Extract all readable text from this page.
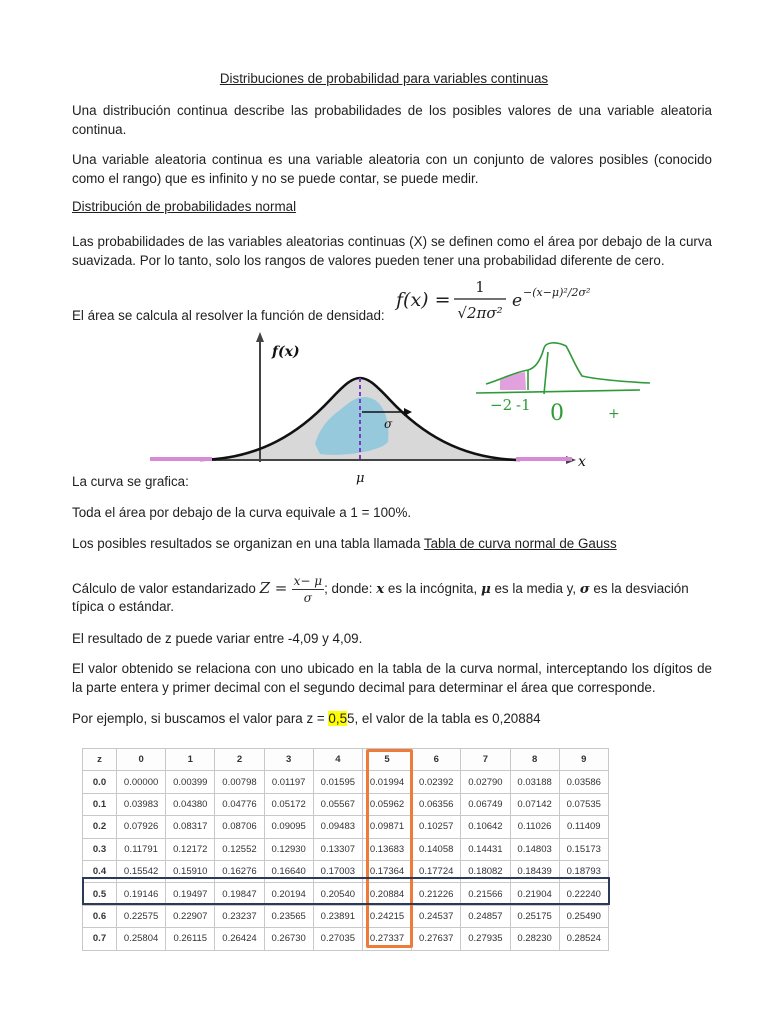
Distribuciones de probabilidad para variables continuas
Una distribución continua describe las probabilidades de los posibles valores de una variable aleatoria continua.
Una variable aleatoria continua es una variable aleatoria con un conjunto de valores posibles (conocido como el rango) que es infinito y no se puede contar, se puede medir.
Distribución de probabilidades normal
Las probabilidades de las variables aleatorias continuas (X) se definen como el área por debajo de la curva suavizada. Por lo tanto, solo los rangos de valores pueden tener una probabilidad diferente de cero.
El área se calcula al resolver la función de densidad:
f(x) =
1
√2πσ²
e −(x−μ)²/2σ²
f(x)
x
μ
σ
−2 -1 0	+
La curva se grafica:
Toda el área por debajo de la curva equivale a 1 = 100%.
Los posibles resultados se organizan en una tabla llamada Tabla de curva normal de Gauss
Cálculo de valor estandarizado $Z = \frac{x- \mu}{\sigma}$ ; donde: x es la incógnita, μ es la media y, σ es la desviación
típica o estándar.
El resultado de z puede variar entre -4,09 y 4,09.
El valor obtenido se relaciona con uno ubicado en la tabla de la curva normal, interceptando los dígitos de la parte entera y primer decimal con el segundo decimal para determinar el área que corresponde.
Por ejemplo, si buscamos el valor para z = 0,55, el valor de la tabla es 0,20884
z	0	1	2	3	4	5	6	7	8	9
0.0	0.00000	0.00399	0.00798	0.01197	0.01595	0.01994	0.02392	0.02790	0.03188	0.03586
0.1	0.03983	0.04380	0.04776	0.05172	0.05567	0.05962	0.06356	0.06749	0.07142	0.07535
0.2	0.07926	0.08317	0.08706	0.09095	0.09483	0.09871	0.10257	0.10642	0.11026	0.11409
0.3	0.11791	0.12172	0.12552	0.12930	0.13307	0.13683	0.14058	0.14431	0.14803	0.15173
0.4	0.15542	0.15910	0.16276	0.16640	0.17003	0.17364	0.17724	0.18082	0.18439	0.18793
0.5	0.19146	0.19497	0.19847	0.20194	0.20540	0.20884	0.21226	0.21566	0.21904	0.22240
0.6	0.22575	0.22907	0.23237	0.23565	0.23891	0.24215	0.24537	0.24857	0.25175	0.25490
0.7	0.25804	0.26115	0.26424	0.26730	0.27035	0.27337	0.27637	0.27935	0.28230	0.28524
